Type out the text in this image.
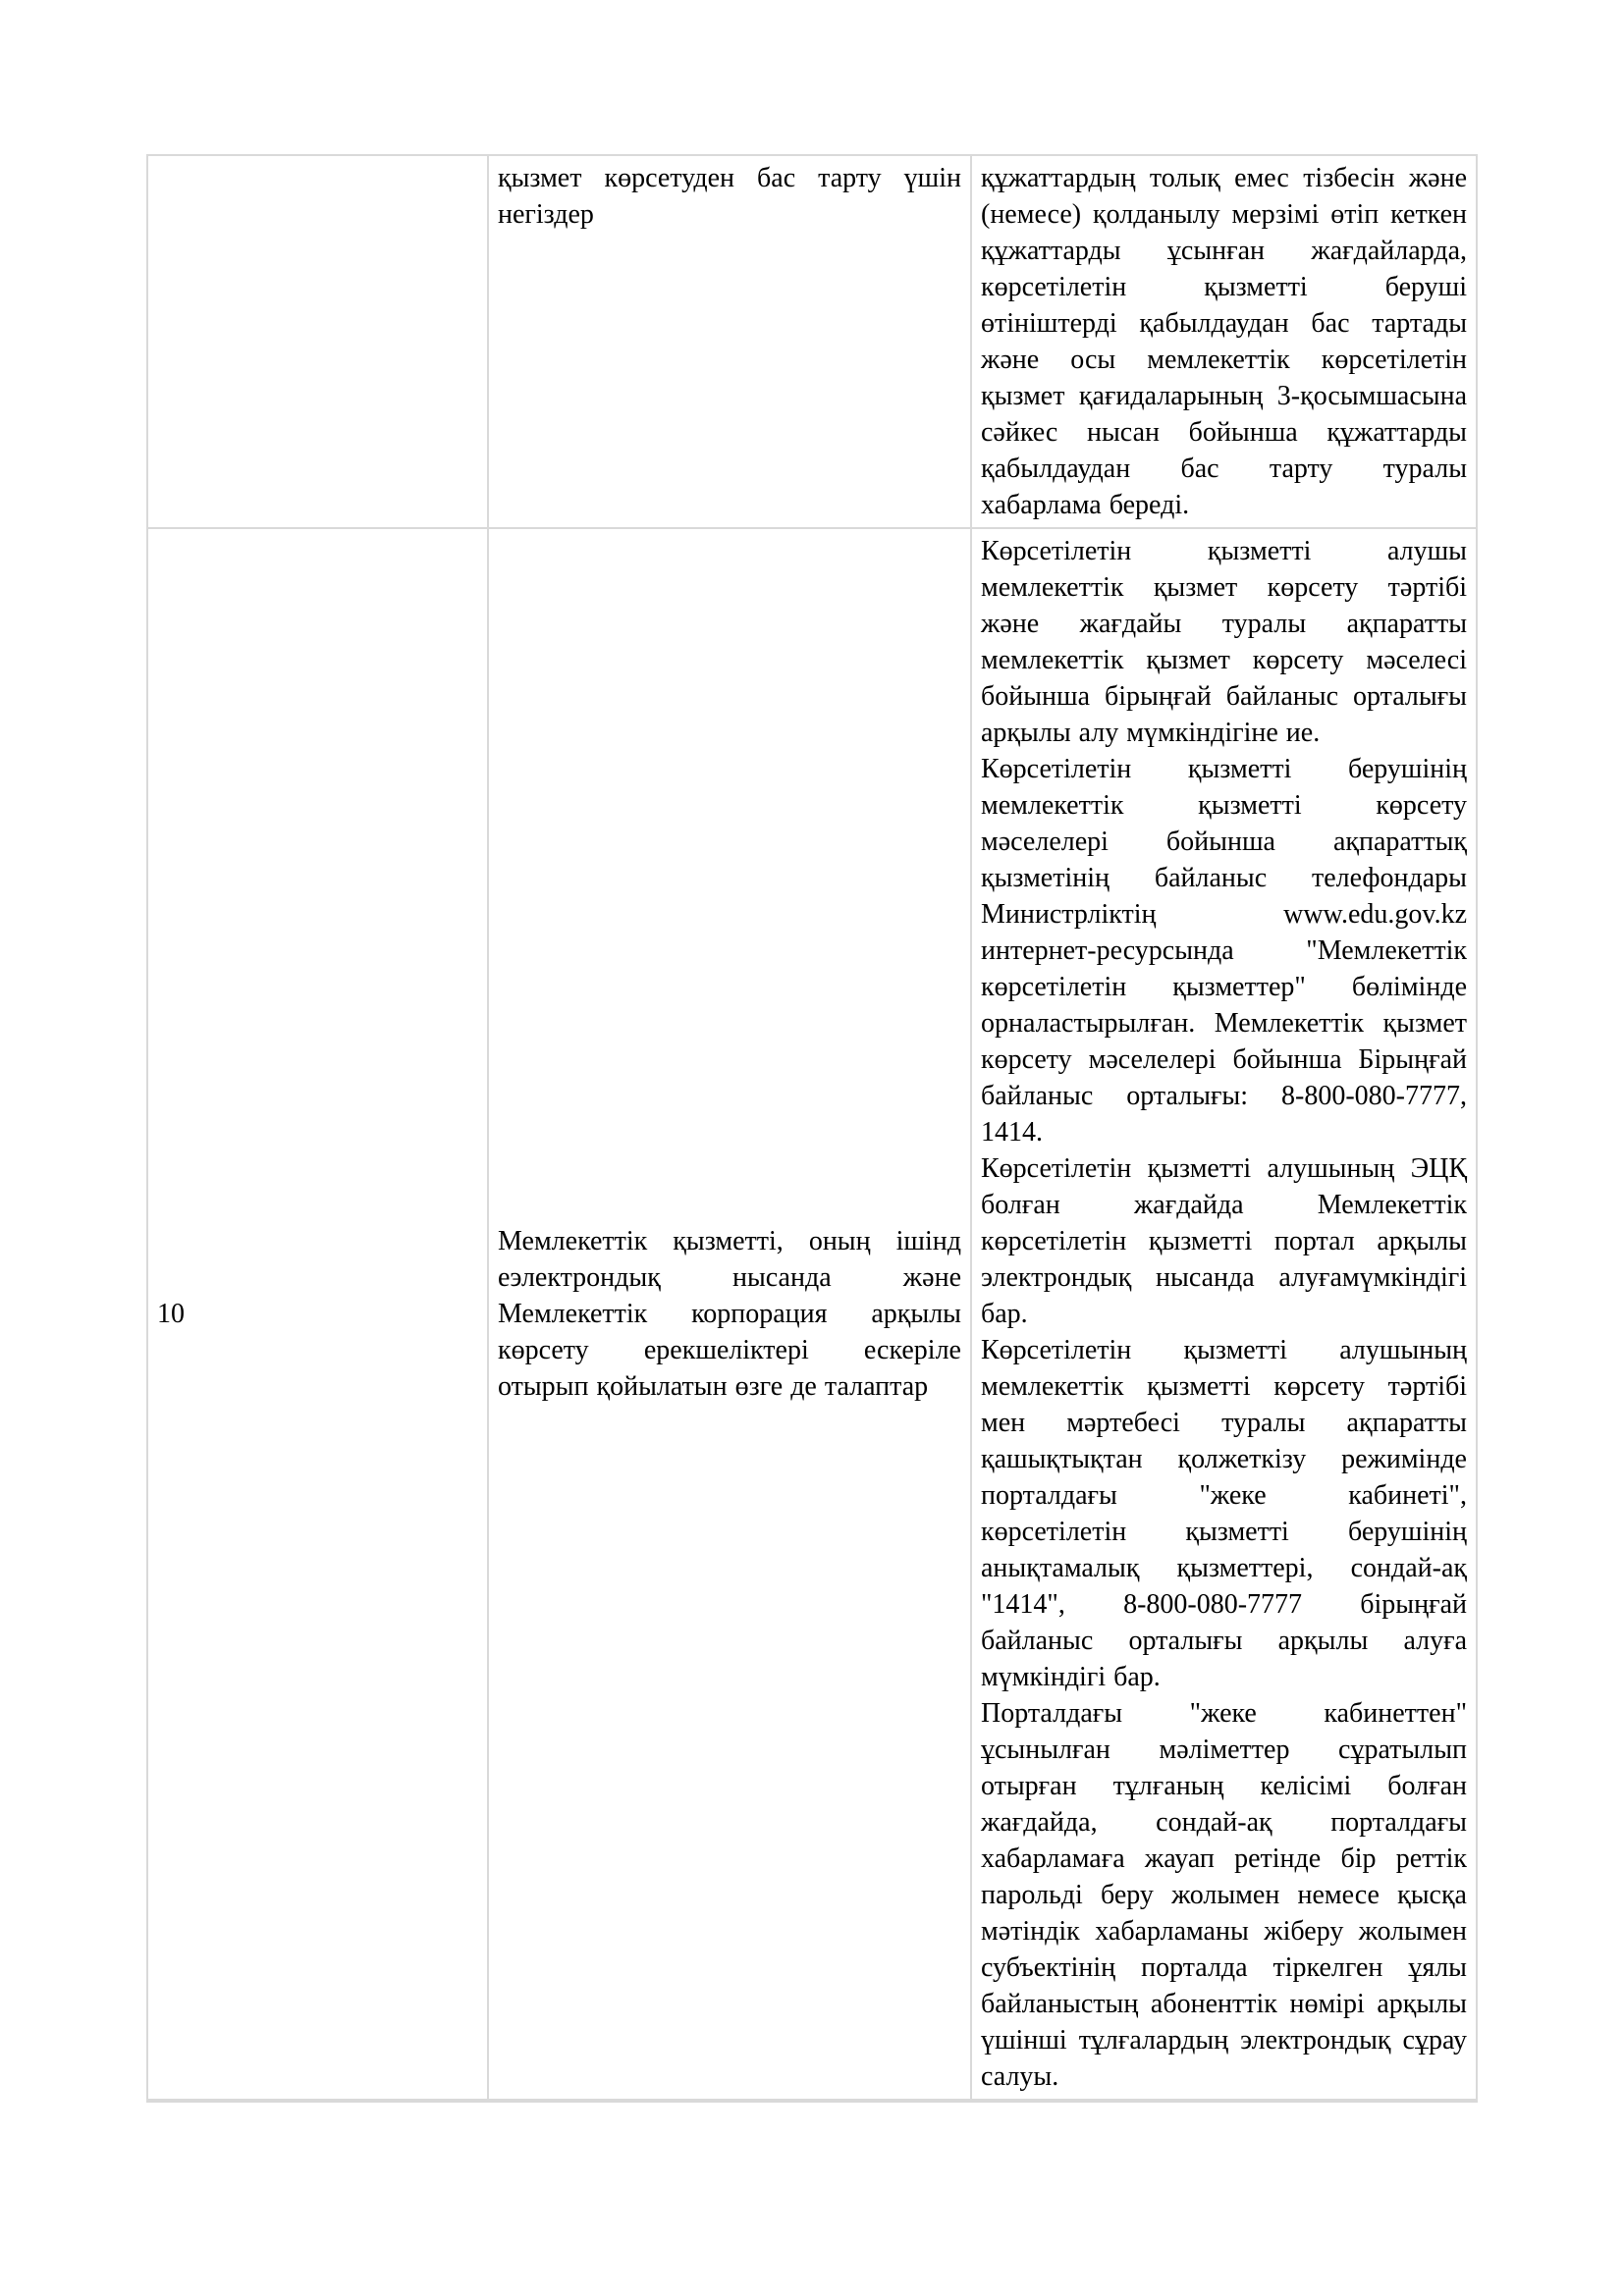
	қызмет көрсетуден бас тарту үшін негіздер	құжаттардың толық емес тізбесін және (немесе) қолданылу мерзімі өтіп кеткен құжаттарды ұсынған жағдайларда, көрсетілетін қызметті беруші өтініштерді қабылдаудан бас тартады және осы мемлекеттік көрсетілетін қызмет қағидаларының 3-қосымшасына сәйкес нысан бойынша құжаттарды қабылдаудан бас тарту туралы хабарлама береді.

10	Мемлекеттік қызметті, оның ішінд еэлектрондық нысанда және Мемлекеттік корпорация арқылы көрсету ерекшеліктері ескеріле отырып қойылатын өзге де талаптар	Көрсетілетін қызметті алушы мемлекеттік қызмет көрсету тәртібі және жағдайы туралы ақпаратты мемлекеттік қызмет көрсету мәселесі бойынша бірыңғай байланыс орталығы арқылы алу мүмкіндігіне ие.

Көрсетілетін қызметті берушінің мемлекеттік қызметті көрсету мәселелері бойынша ақпараттық қызметінің байланыс телефондары Министрліктің www.edu.gov.kz интернет-ресурсында "Мемлекеттік көрсетілетін қызметтер" бөлімінде орналастырылған. Мемлекеттік қызмет көрсету мәселелері бойынша Бірыңғай байланыс орталығы: 8-800-080-7777, 1414.

Көрсетілетін қызметті алушының ЭЦҚ болған жағдайда Мемлекеттік көрсетілетін қызметті портал арқылы электрондық нысанда алуғамүмкіндігі бар.

Көрсетілетін қызметті алушының мемлекеттік қызметті көрсету тәртібі мен мәртебесі туралы ақпаратты қашықтықтан қолжеткізу режимінде порталдағы "жеке кабинеті", көрсетілетін қызметті берушінің анықтамалық қызметтері, сондай-ақ "1414", 8-800-080-7777 бірыңғай байланыс орталығы арқылы алуға мүмкіндігі бар.

Порталдағы "жеке кабинеттен" ұсынылған мәліметтер сұратылып отырған тұлғаның келісімі болған жағдайда, сондай-ақ порталдағы хабарламаға жауап ретінде бір реттік парольді беру жолымен немесе қысқа мәтіндік хабарламаны жіберу жолымен субъектінің порталда тіркелген ұялы байланыстың абоненттік нөмірі арқылы үшінші тұлғалардың электрондық сұрау салуы.
